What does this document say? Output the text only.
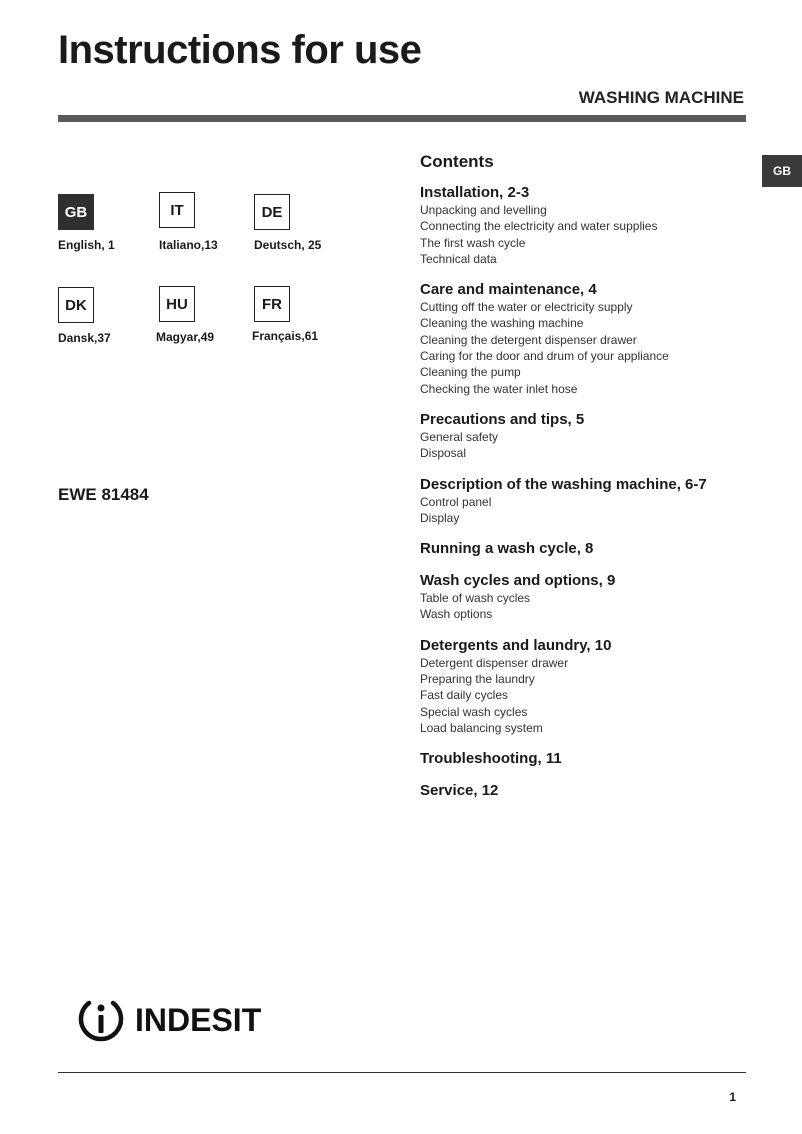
Instructions for use
WASHING MACHINE
GB
GB
English, 1
IT
Italiano,13
DE
Deutsch, 25
DK
Dansk,37
HU
Magyar,49
FR
Français,61
EWE 81484
Contents
Installation, 2-3
Unpacking and levelling
Connecting the electricity and water supplies
The first wash cycle
Technical data
Care and maintenance, 4
Cutting off the water or electricity supply
Cleaning the washing machine
Cleaning the detergent dispenser drawer
Caring for the door and drum of your appliance
Cleaning the pump
Checking the water inlet hose
Precautions and tips, 5
General safety
Disposal
Description of the washing machine, 6-7
Control panel
Display
Running a wash cycle, 8
Wash cycles and options, 9
Table of wash cycles
Wash options
Detergents and laundry, 10
Detergent dispenser drawer
Preparing the laundry
Fast daily cycles
Special wash cycles
Load balancing system
Troubleshooting, 11
Service, 12
INDESIT
1
